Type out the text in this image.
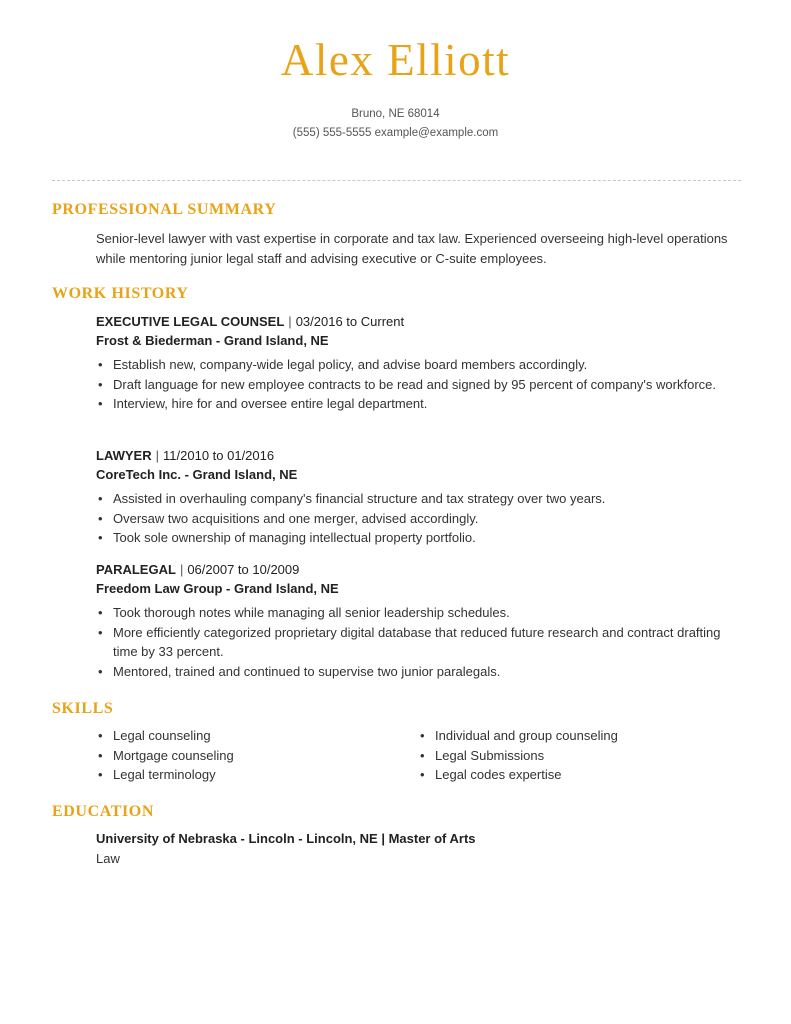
Alex Elliott
Bruno, NE 68014
(555) 555-5555 example@example.com
PROFESSIONAL SUMMARY
Senior-level lawyer with vast expertise in corporate and tax law. Experienced overseeing high-level operations while mentoring junior legal staff and advising executive or C-suite employees.
WORK HISTORY
EXECUTIVE LEGAL COUNSEL | 03/2016 to Current
Frost & Biederman - Grand Island, NE
• Establish new, company-wide legal policy, and advise board members accordingly.
• Draft language for new employee contracts to be read and signed by 95 percent of company's workforce.
• Interview, hire for and oversee entire legal department.
LAWYER | 11/2010 to 01/2016
CoreTech Inc. - Grand Island, NE
• Assisted in overhauling company's financial structure and tax strategy over two years.
• Oversaw two acquisitions and one merger, advised accordingly.
• Took sole ownership of managing intellectual property portfolio.
PARALEGAL | 06/2007 to 10/2009
Freedom Law Group - Grand Island, NE
• Took thorough notes while managing all senior leadership schedules.
• More efficiently categorized proprietary digital database that reduced future research and contract drafting time by 33 percent.
• Mentored, trained and continued to supervise two junior paralegals.
SKILLS
• Legal counseling
• Mortgage counseling
• Legal terminology
• Individual and group counseling
• Legal Submissions
• Legal codes expertise
EDUCATION
University of Nebraska - Lincoln - Lincoln, NE | Master of Arts
Law
